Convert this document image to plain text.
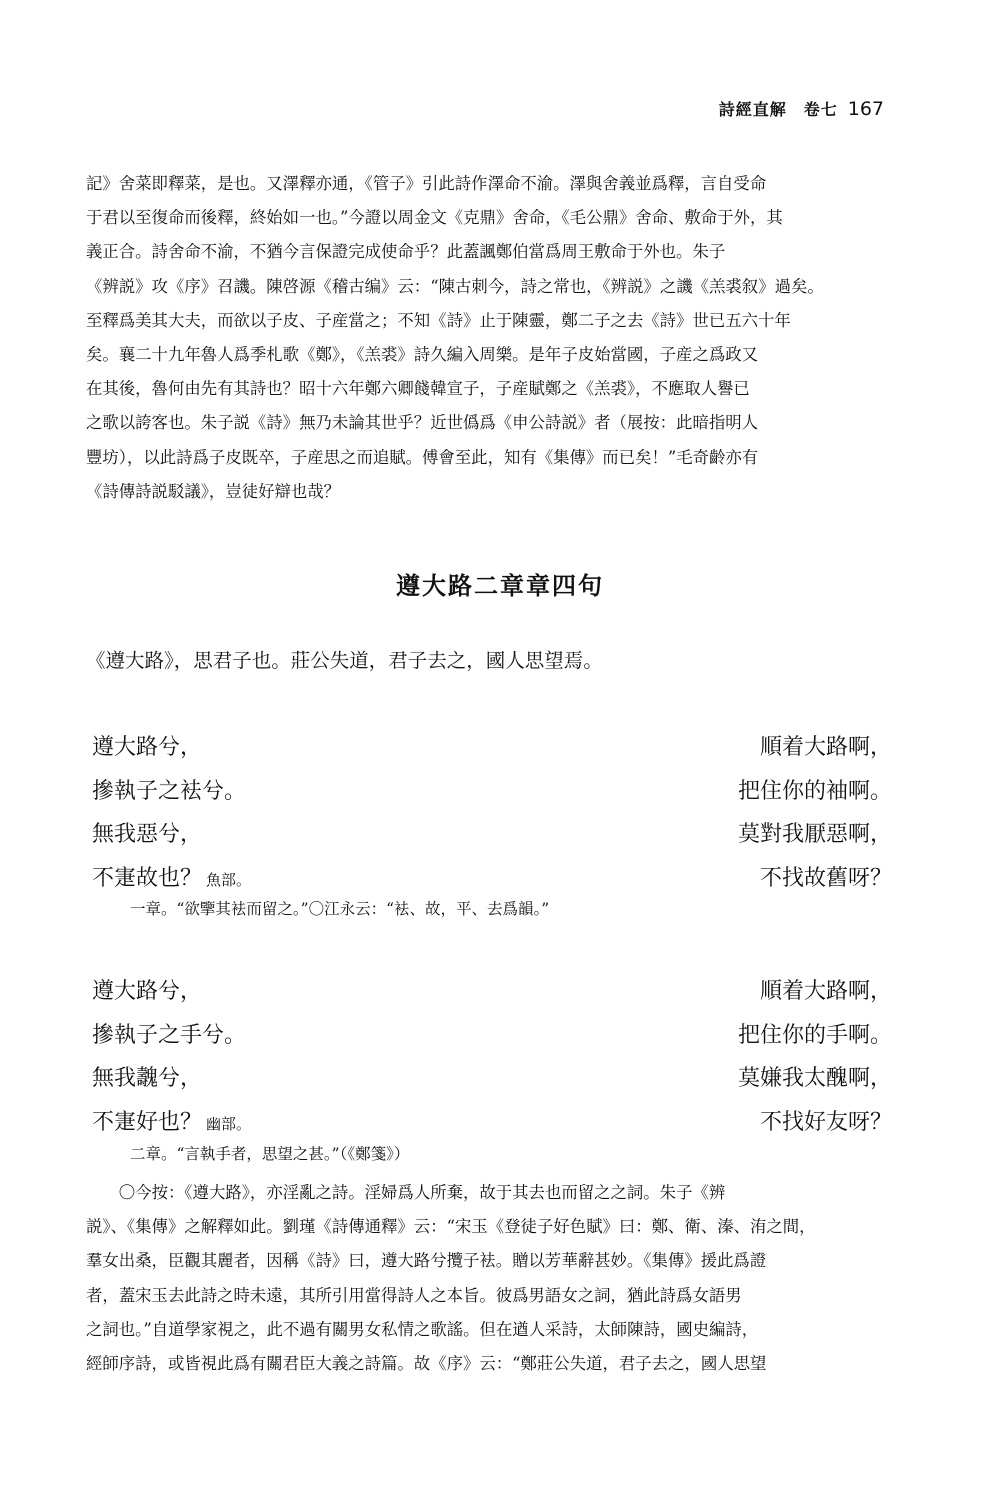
詩經直解　卷七 167

記》舍菜即釋菜，是也。又澤釋亦通，《管子》引此詩作澤命不渝。澤與舍義並爲釋，言自受命

于君以至復命而後釋，終始如一也。”今證以周金文《克鼎》舍命，《毛公鼎》舍命、敷命于外，其

義正合。詩舍命不渝，不猶今言保證完成使命乎？此蓋諷鄭伯當爲周王敷命于外也。朱子

《辨説》攻《序》召譏。陳啓源《稽古编》云：“陳古刺今，詩之常也，《辨説》之譏《羔裘叙》過矣。

至釋爲美其大夫，而欲以子皮、子産當之；不知《詩》止于陳靈，鄭二子之去《詩》世已五六十年

矣。襄二十九年魯人爲季札歌《鄭》，《羔裘》詩久編入周樂。是年子皮始當國，子産之爲政又

在其後，魯何由先有其詩也？昭十六年鄭六卿餞韓宣子，子産賦鄭之《羔裘》，不應取人譽已

之歌以誇客也。朱子説《詩》無乃未論其世乎？近世僞爲《申公詩説》者（展按：此暗指明人

豐坊），以此詩爲子皮既卒，子産思之而追賦。傅會至此，知有《集傳》而已矣！”毛奇齡亦有

《詩傳詩説駁議》，豈徒好辯也哉？

遵大路二章章四句
《遵大路》，思君子也。莊公失道，君子去之，國人思望焉。
遵大路兮，	順着大路啊，
摻執子之袪兮。	把住你的袖啊。
無我惡兮，	莫對我厭惡啊，
不寁故也？ 魚部。	不找故舊呀？
一章。“欲擥其袪而留之。”〇江永云：“袪、故，平、去爲韻。”
遵大路兮，	順着大路啊，
摻執子之手兮。	把住你的手啊。
無我魗兮，	莫嫌我太醜啊，
不寁好也？ 幽部。	不找好友呀？
二章。“言執手者，思望之甚。”（《鄭箋》）

〇今按：《遵大路》，亦淫亂之詩。淫婦爲人所棄，故于其去也而留之之詞。朱子《辨

説》、《集傳》之解釋如此。劉瑾《詩傳通釋》云：“宋玉《登徒子好色賦》曰：鄭、衛、溱、洧之間，

羣女出桑，臣觀其麗者，因稱《詩》曰，遵大路兮攬子袪。贈以芳華辭甚妙。《集傳》援此爲證

者，蓋宋玉去此詩之時未遠，其所引用當得詩人之本旨。彼爲男語女之詞，猶此詩爲女語男

之詞也。”自道學家視之，此不過有關男女私情之歌謠。但在遒人采詩，太師陳詩，國史編詩，

經師序詩，或皆視此爲有關君臣大義之詩篇。故《序》云：“鄭莊公失道，君子去之，國人思望
